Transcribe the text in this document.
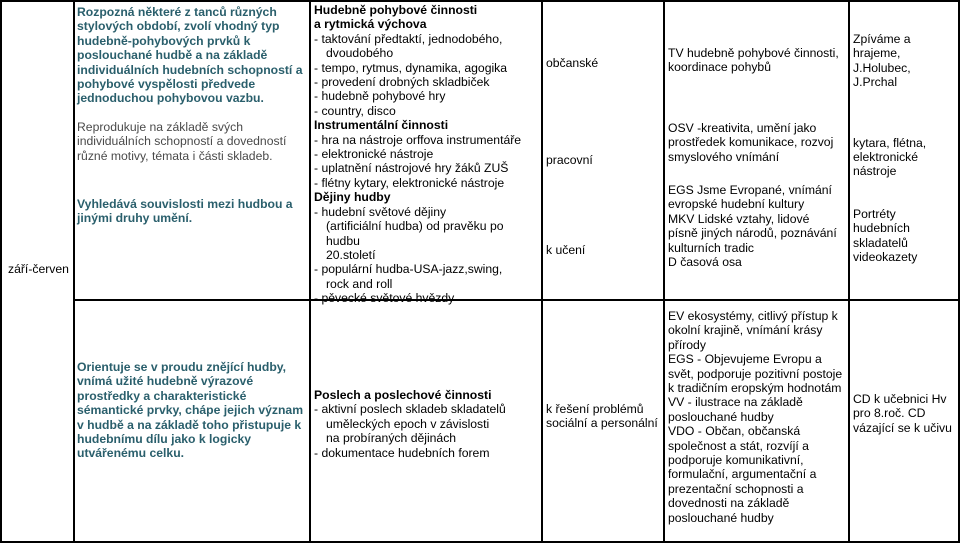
září-červen
Rozpozná některé z tanců různých stylových období, zvolí vhodný typ hudebně-pohybových prvků k poslouchané hudbě a na základě individuálních hudebních schopností a pohybové vyspělosti předvede jednoduchou pohybovou vazbu.
Reprodukuje na základě svých individuálních schopností a dovedností různé motivy, témata i části skladeb.
Vyhledává souvislosti mezi hudbou a jinými druhy umění.
Hudebně pohybové činnosti
a rytmická výchova
- taktování předtaktí, jednodobého,
dvoudobého
- tempo, rytmus, dynamika, agogika
- provedení drobných skladbiček
- hudebně pohybové hry
- country, disco
Instrumentální činnosti
- hra na nástroje orffova instrumentáře
- elektronické nástroje
- uplatnění nástrojové hry žáků ZUŠ
- flétny kytary, elektronické nástroje
Dějiny hudby
- hudební světové dějiny
(artificiální hudba) od pravěku po hudbu
20.století
- populární hudba-USA-jazz,swing,
rock and roll
- pěvecké světové hvězdy
občanské
pracovní
k učení
TV hudebně pohybové činnosti, koordinace pohybů
OSV -kreativita, umění jako prostředek komunikace, rozvoj smyslového vnímání
EGS Jsme Evropané, vnímání evropské hudební kultury
MKV Lidské vztahy, lidové písně jiných národů, poznávání kulturních tradic
D časová osa
Zpíváme a hrajeme, J.Holubec, J.Prchal
kytara, flétna, elektronické nástroje
Portréty hudebních skladatelů videokazety
Orientuje se v proudu znějící hudby, vnímá užité hudebně výrazové prostředky a charakteristické sémantické prvky, chápe jejich význam v hudbě a na základě toho přistupuje k hudebnímu dílu jako k logicky utvářenému celku.
Poslech a poslechové činnosti
- aktivní poslech skladeb skladatelů
uměleckých epoch v závislosti
na probíraných dějinách
- dokumentace hudebních forem
k řešení problémů sociální a personální
EV ekosystémy, citlivý přístup k okolní krajině, vnímání krásy přírody
EGS - Objevujeme Evropu a svět, podporuje pozitivní postoje k tradičním eropským hodnotám
VV - ilustrace na základě poslouchané hudby
VDO - Občan, občanská společnost a stát, rozvíjí a podporuje komunikativní, formulační, argumentační a prezentační schopnosti a dovednosti na základě poslouchané hudby
CD k učebnici Hv pro 8.roč. CD vázající se k učivu
